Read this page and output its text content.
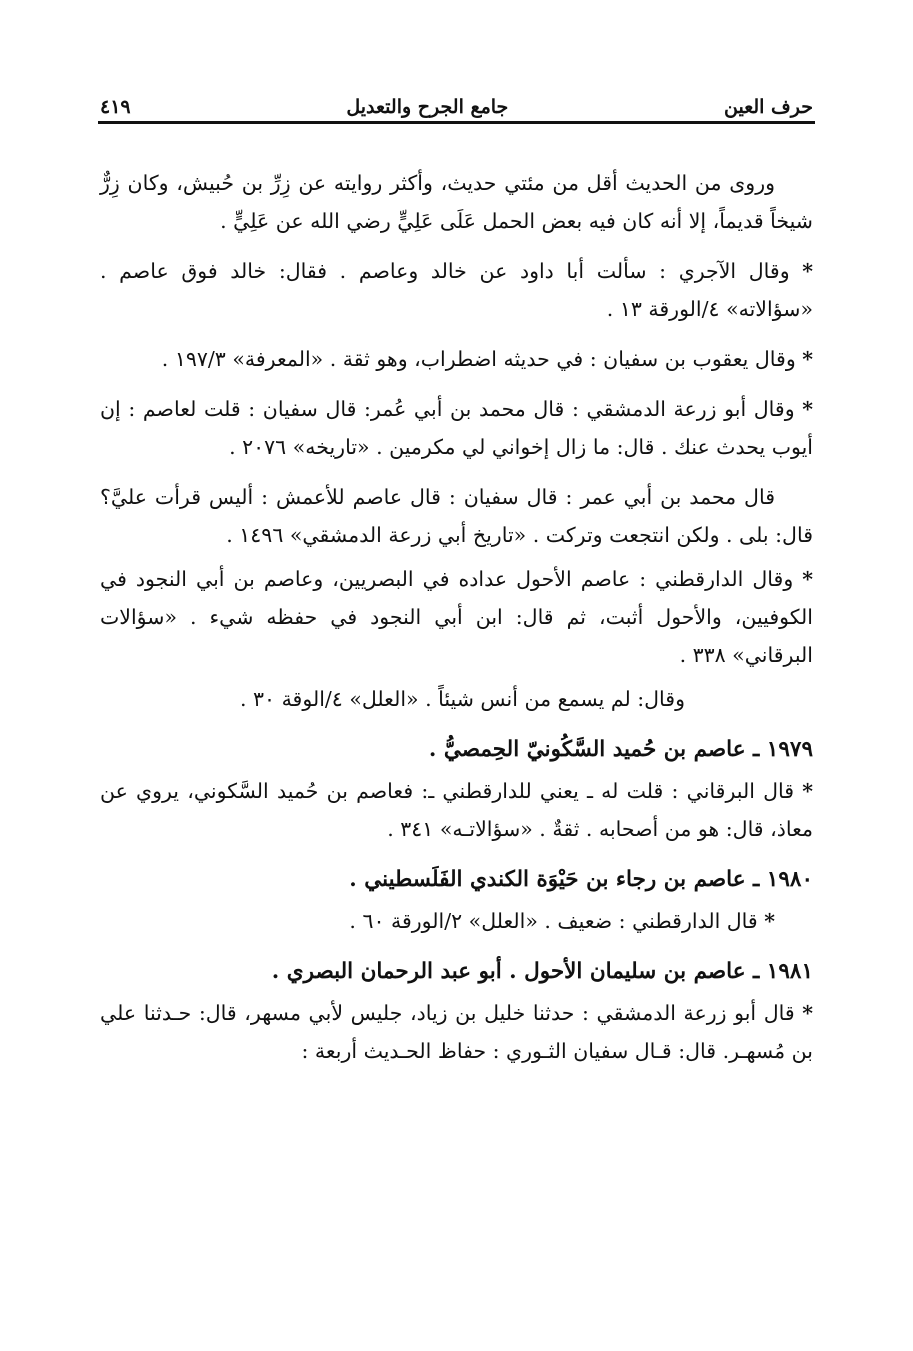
حرف العين
جامع الجرح والتعديل
٤١٩

وروى من الحديث أقل من مئتي حديث، وأكثر روايته عن زِرِّ بن حُبيش، وكان زِرٌّ شيخاً قديماً، إلا أنه كان فيه بعض الحمل عَلَى عَلِيٍّ رضي الله عن عَلِيٍّ .

* وقال الآجري : سألت أبا داود عن خالد وعاصم . فقال: خالد فوق عاصم . «سؤالاته» ٤/الورقة ١٣ .

* وقال يعقوب بن سفيان : في حديثه اضطراب، وهو ثقة . «المعرفة» ١٩٧/٣ .

* وقال أبو زرعة الدمشقي : قال محمد بن أبي عُمر: قال سفيان : قلت لعاصم : إن أيوب يحدث عنك . قال: ما زال إخواني لي مكرمين . «تاريخه» ٢٠٧٦ .

قال محمد بن أبي عمر : قال سفيان : قال عاصم للأعمش : أليس قرأت عليَّ؟ قال: بلى . ولكن انتجعت وتركت . «تاريخ أبي زرعة الدمشقي» ١٤٩٦ .

* وقال الدارقطني : عاصم الأحول عداده في البصريين، وعاصم بن أبي النجود في الكوفيين، والأحول أثبت، ثم قال: ابن أبي النجود في حفظه شيء . «سؤالات البرقاني» ٣٣٨ .

وقال: لم يسمع من أنس شيئاً . «العلل» ٤/الوقة ٣٠ .

١٩٧٩ ـ عاصم بن حُميد السَّكُونيّ الحِمصيُّ .

* قال البرقاني : قلت له ـ يعني للدارقطني ـ: فعاصم بن حُميد السَّكوني، يروي عن معاذ، قال: هو من أصحابه . ثقةٌ . «سؤالاتـه» ٣٤١ .

١٩٨٠ ـ عاصم بن رجاء بن حَيْوَة الكندي الفَلَسطيني .

* قال الدارقطني : ضعيف . «العلل» ٢/الورقة ٦٠ .

١٩٨١ ـ عاصم بن سليمان الأحول . أبو عبد الرحمان البصري .

* قال أبو زرعة الدمشقي : حدثنا خليل بن زياد، جليس لأبي مسهر، قال: حـدثنا علي بن مُسهـر. قال: قـال سفيان الثـوري : حفاظ الحـديث أربعة :
